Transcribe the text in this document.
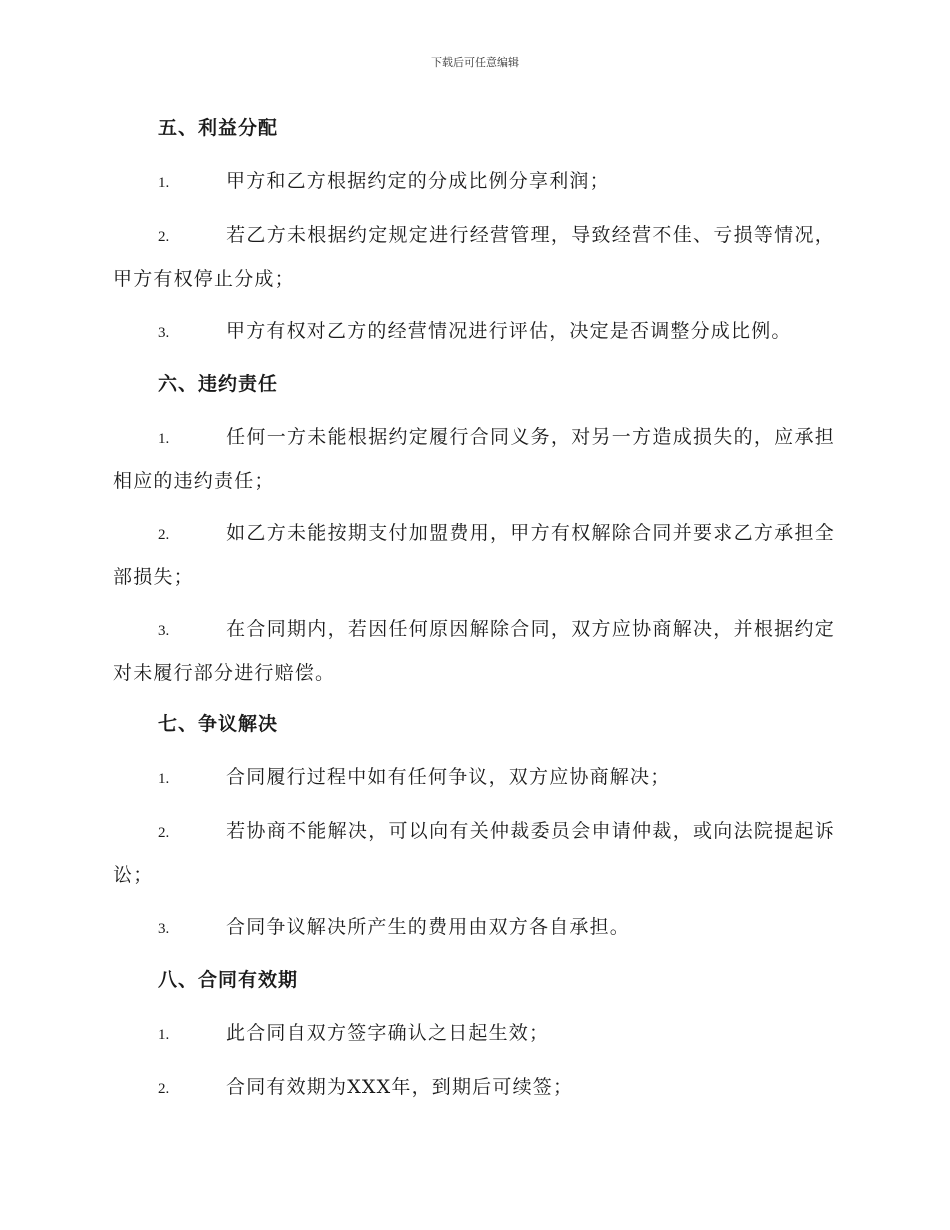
下载后可任意编辑
五、利益分配
1.	甲方和乙方根据约定的分成比例分享利润；
2.	若乙方未根据约定规定进行经营管理，导致经营不佳、亏损等情况，甲方有权停止分成；
3.	甲方有权对乙方的经营情况进行评估，决定是否调整分成比例。
六、违约责任
1.	任何一方未能根据约定履行合同义务，对另一方造成损失的，应承担相应的违约责任；
2.	如乙方未能按期支付加盟费用，甲方有权解除合同并要求乙方承担全部损失；
3.	在合同期内，若因任何原因解除合同，双方应协商解决，并根据约定对未履行部分进行赔偿。
七、争议解决
1.	合同履行过程中如有任何争议，双方应协商解决；
2.	若协商不能解决，可以向有关仲裁委员会申请仲裁，或向法院提起诉讼；
3.	合同争议解决所产生的费用由双方各自承担。
八、合同有效期
1.	此合同自双方签字确认之日起生效；
2.	合同有效期为XXX年，到期后可续签；
